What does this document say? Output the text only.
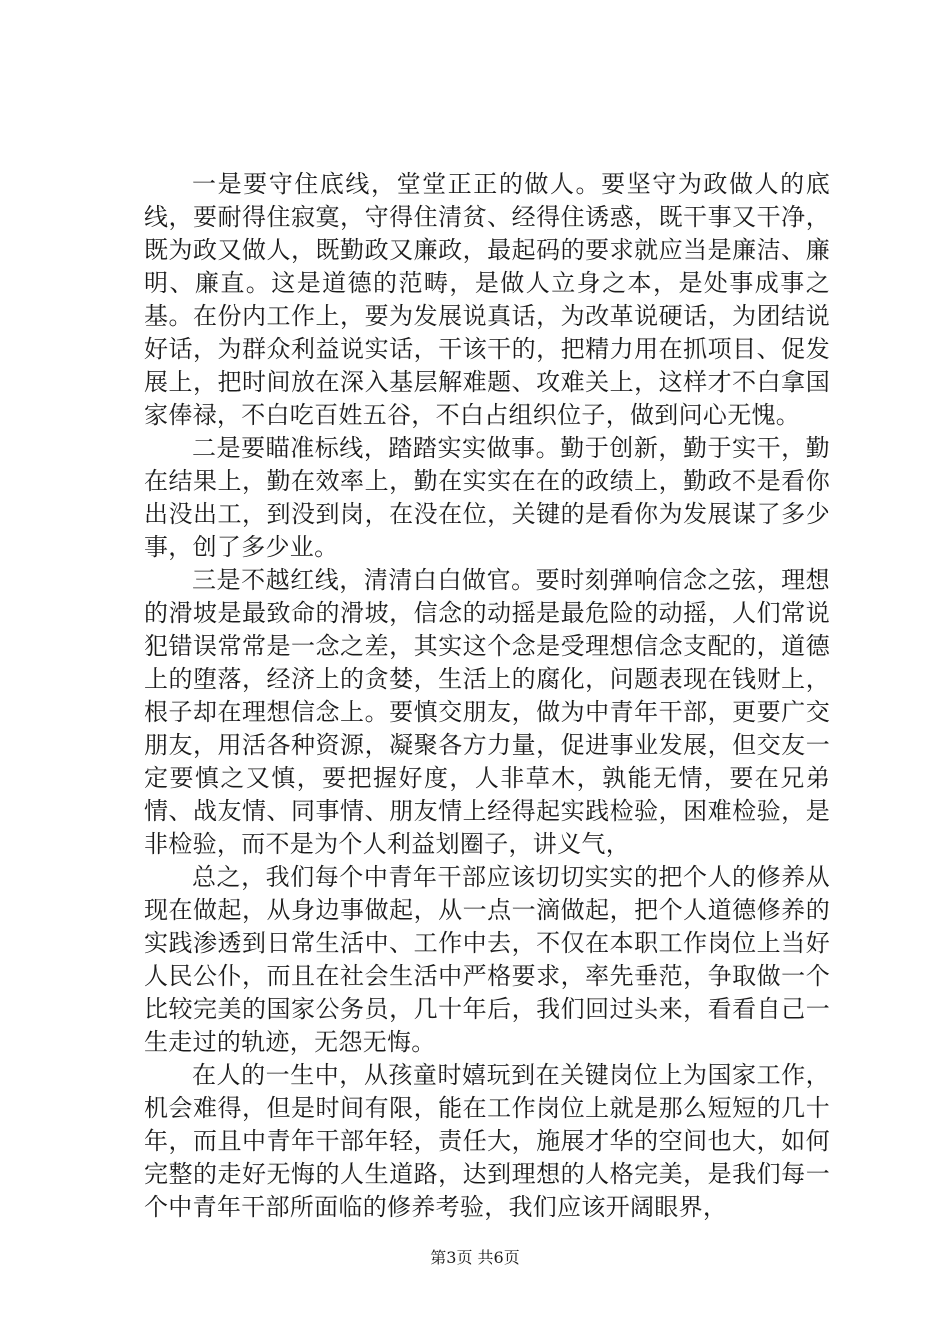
一是要守住底线，堂堂正正的做人。要坚守为政做人的底线，要耐得住寂寞，守得住清贫、经得住诱惑，既干事又干净，既为政又做人，既勤政又廉政，最起码的要求就应当是廉洁、廉明、廉直。这是道德的范畴，是做人立身之本，是处事成事之基。在份内工作上，要为发展说真话，为改革说硬话，为团结说好话，为群众利益说实话，干该干的，把精力用在抓项目、促发展上，把时间放在深入基层解难题、攻难关上，这样才不白拿国家俸禄，不白吃百姓五谷，不白占组织位子，做到问心无愧。

二是要瞄准标线，踏踏实实做事。勤于创新，勤于实干，勤在结果上，勤在效率上，勤在实实在在的政绩上，勤政不是看你出没出工，到没到岗，在没在位，关键的是看你为发展谋了多少事，创了多少业。

三是不越红线，清清白白做官。要时刻弹响信念之弦，理想的滑坡是最致命的滑坡，信念的动摇是最危险的动摇，人们常说犯错误常常是一念之差，其实这个念是受理想信念支配的，道德上的堕落，经济上的贪婪，生活上的腐化，问题表现在钱财上，根子却在理想信念上。要慎交朋友，做为中青年干部，更要广交朋友，用活各种资源，凝聚各方力量，促进事业发展，但交友一定要慎之又慎，要把握好度，人非草木，孰能无情，要在兄弟情、战友情、同事情、朋友情上经得起实践检验，困难检验，是非检验，而不是为个人利益划圈子，讲义气，

总之，我们每个中青年干部应该切切实实的把个人的修养从现在做起，从身边事做起，从一点一滴做起，把个人道德修养的实践渗透到日常生活中、工作中去，不仅在本职工作岗位上当好人民公仆，而且在社会生活中严格要求，率先垂范，争取做一个比较完美的国家公务员，几十年后，我们回过头来，看看自己一生走过的轨迹，无怨无悔。

在人的一生中，从孩童时嬉玩到在关键岗位上为国家工作，机会难得，但是时间有限，能在工作岗位上就是那么短短的几十年，而且中青年干部年轻，责任大，施展才华的空间也大，如何完整的走好无悔的人生道路，达到理想的人格完美，是我们每一个中青年干部所面临的修养考验，我们应该开阔眼界，

第3页 共6页
